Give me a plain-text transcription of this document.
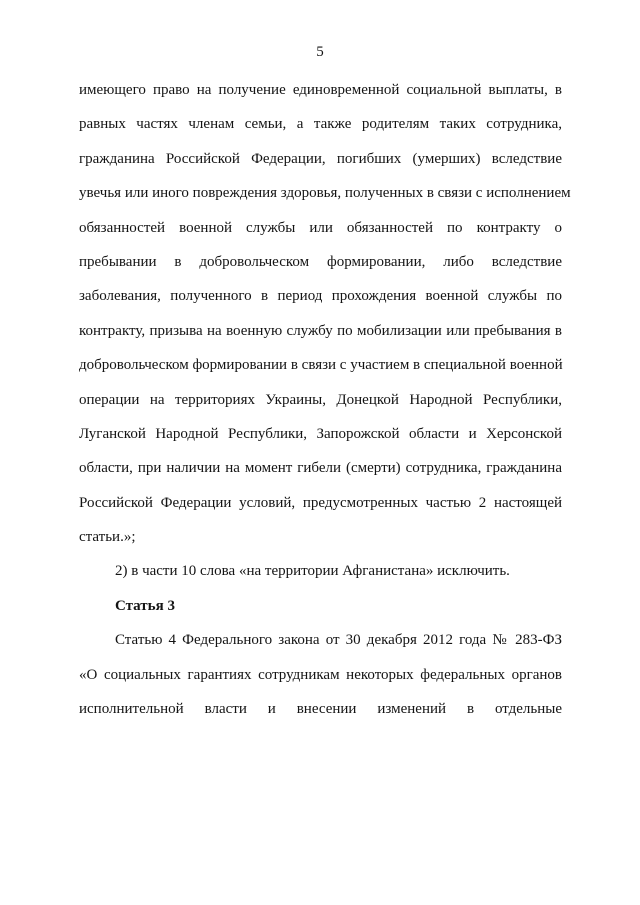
5
имеющего право на получение единовременной социальной выплаты, в
равных частях членам семьи, а также родителям таких сотрудника,
гражданина Российской Федерации, погибших (умерших) вследствие
увечья или иного повреждения здоровья, полученных в связи с исполнением
обязанностей военной службы или обязанностей по контракту о
пребывании в добровольческом формировании, либо вследствие
заболевания, полученного в период прохождения военной службы по
контракту, призыва на военную службу по мобилизации или пребывания в
добровольческом формировании в связи с участием в специальной военной
операции на территориях Украины, Донецкой Народной Республики,
Луганской Народной Республики, Запорожской области и Херсонской
области, при наличии на момент гибели (смерти) сотрудника, гражданина
Российской Федерации условий, предусмотренных частью 2 настоящей
статьи.»;
2) в части 10 слова «на территории Афганистана» исключить.
Статья 3
Статью 4 Федерального закона от 30 декабря 2012 года № 283-ФЗ
«О социальных гарантиях сотрудникам некоторых федеральных органов
исполнительной власти и внесении изменений в отдельные
